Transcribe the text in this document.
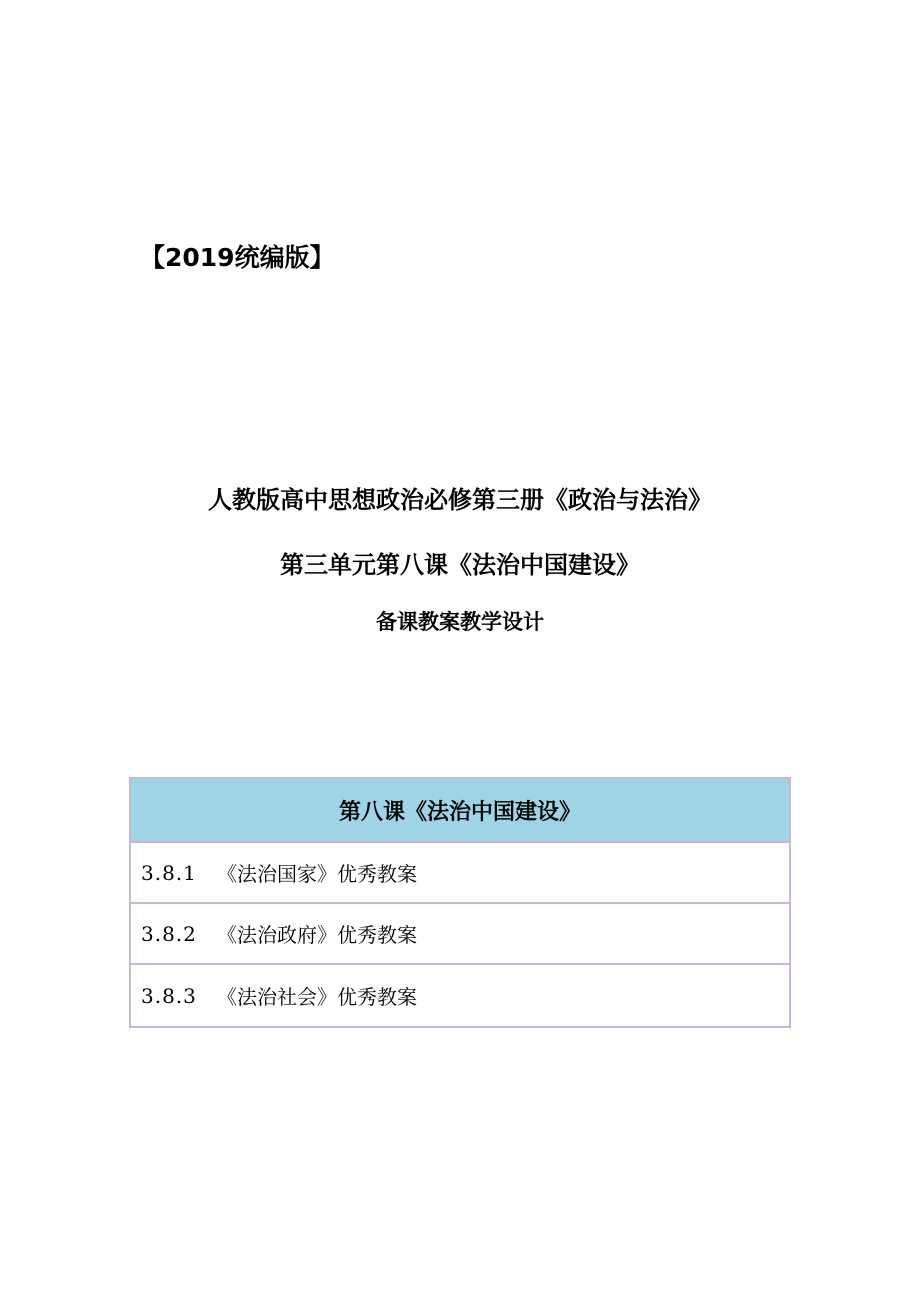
【2019统编版】
人教版高中思想政治必修第三册《政治与法治》
第三单元第八课《法治中国建设》
备课教案教学设计
第八课《法治中国建设》
3.8.1	《法治国家》优秀教案
3.8.2	《法治政府》优秀教案
3.8.3	《法治社会》优秀教案
